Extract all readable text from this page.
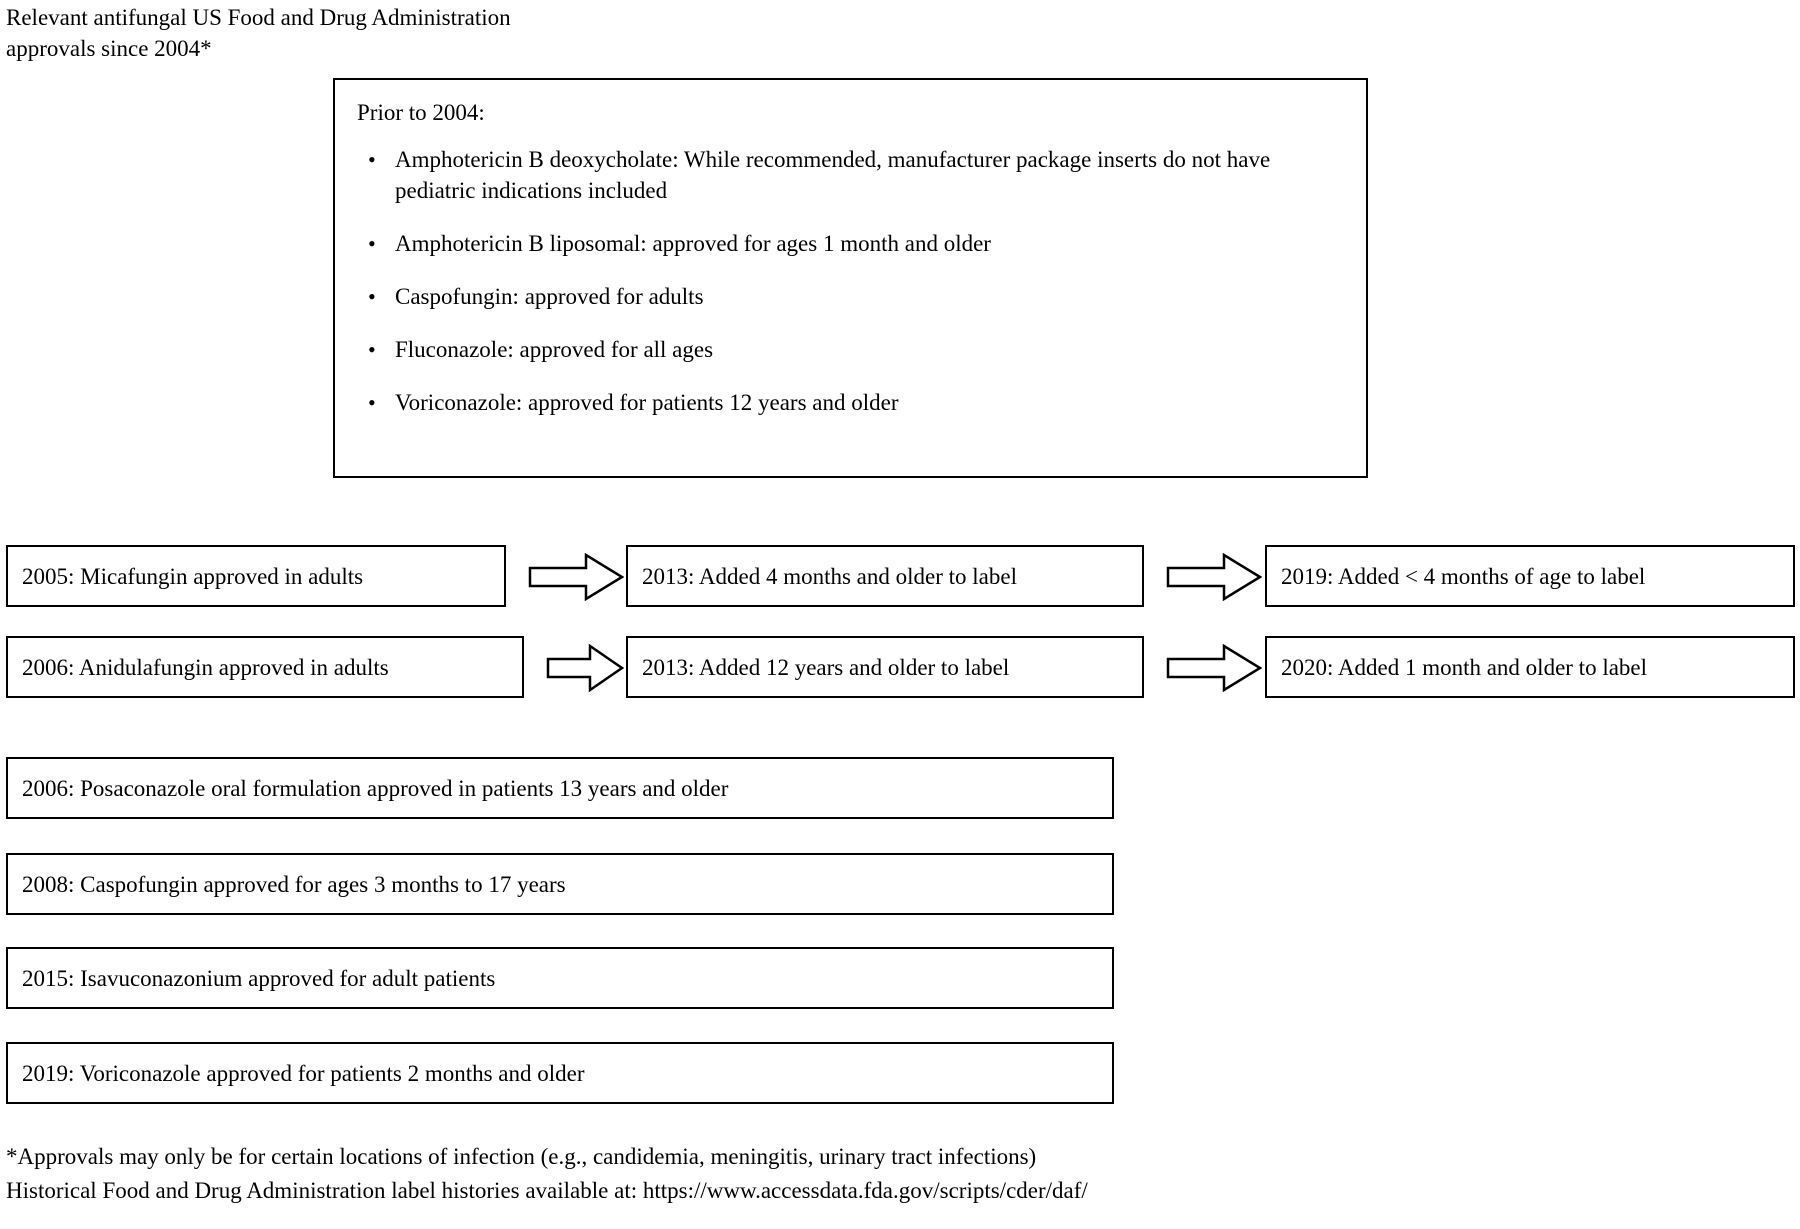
Relevant antifungal US Food and Drug Administration approvals since 2004*
Prior to 2004:
• Amphotericin B deoxycholate: While recommended, manufacturer package inserts do not have pediatric indications included
• Amphotericin B liposomal: approved for ages 1 month and older
• Caspofungin: approved for adults
• Fluconazole: approved for all ages
• Voriconazole: approved for patients 12 years and older
2005: Micafungin approved in adults	2013: Added 4 months and older to label	2019: Added < 4 months of age to label
2006: Anidulafungin approved in adults	2013: Added 12 years and older to label	2020: Added 1 month and older to label
2006: Posaconazole oral formulation approved in patients 13 years and older
2008: Caspofungin approved for ages 3 months to 17 years
2015: Isavuconazonium approved for adult patients
2019: Voriconazole approved for patients 2 months and older
*Approvals may only be for certain locations of infection (e.g., candidemia, meningitis, urinary tract infections)
Historical Food and Drug Administration label histories available at: https://www.accessdata.fda.gov/scripts/cder/daf/
